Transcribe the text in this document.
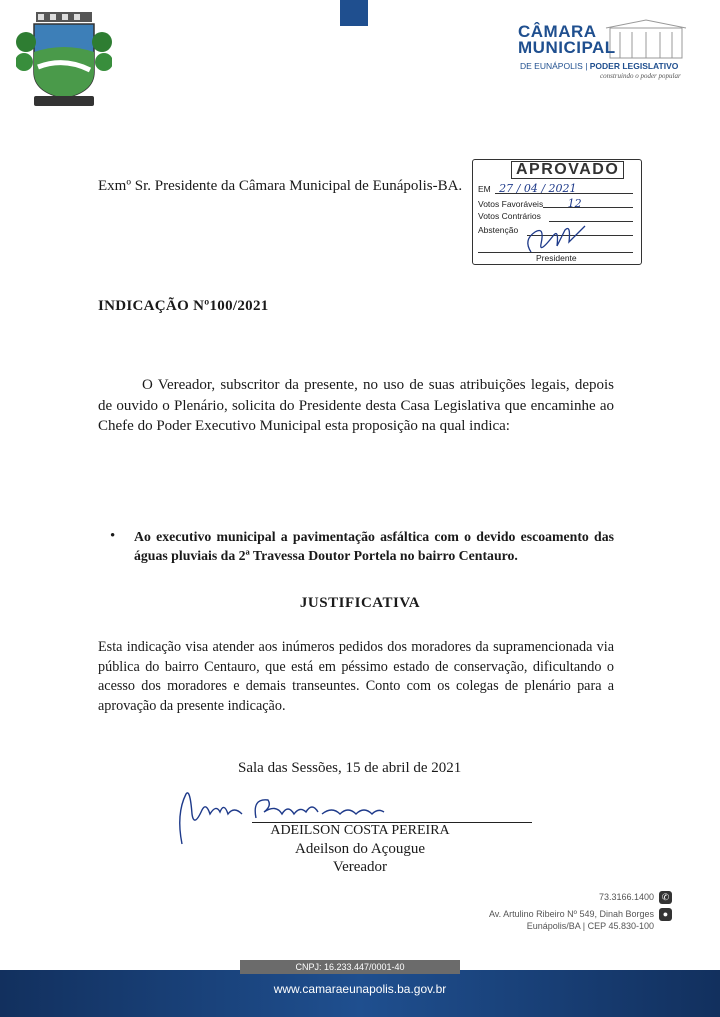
CÂMARA
MUNICIPAL
DE EUNÁPOLIS | PODER LEGISLATIVO
construindo o poder popular
Exmº Sr. Presidente da Câmara Municipal de Eunápolis-BA.
APROVADO
EM 27 / 04 / 2021
Votos Favoráveis 12
Votos Contrários
Abstenção
Presidente
INDICAÇÃO Nº100/2021
O Vereador, subscritor da presente, no uso de suas atribuições legais, depois de ouvido o Plenário, solicita do Presidente desta Casa Legislativa que encaminhe ao Chefe do Poder Executivo Municipal esta proposição na qual indica:
• Ao executivo municipal a pavimentação asfáltica com o devido escoamento das águas pluviais da 2ª Travessa Doutor Portela no bairro Centauro.
JUSTIFICATIVA
Esta indicação visa atender aos inúmeros pedidos dos moradores da supramencionada via pública do bairro Centauro, que está em péssimo estado de conservação, dificultando o acesso dos moradores e demais transeuntes. Conto com os colegas de plenário para a aprovação da presente indicação.
Sala das Sessões, 15 de abril de 2021
ADEILSON COSTA PEREIRA
Adeilson do Açougue
Vereador
73.3166.1400 ✆
Av. Artulino Ribeiro Nº 549, Dinah Borges ●
Eunápolis/BA | CEP 45.830-100
CNPJ: 16.233.447/0001-40
www.camaraeunapolis.ba.gov.br
